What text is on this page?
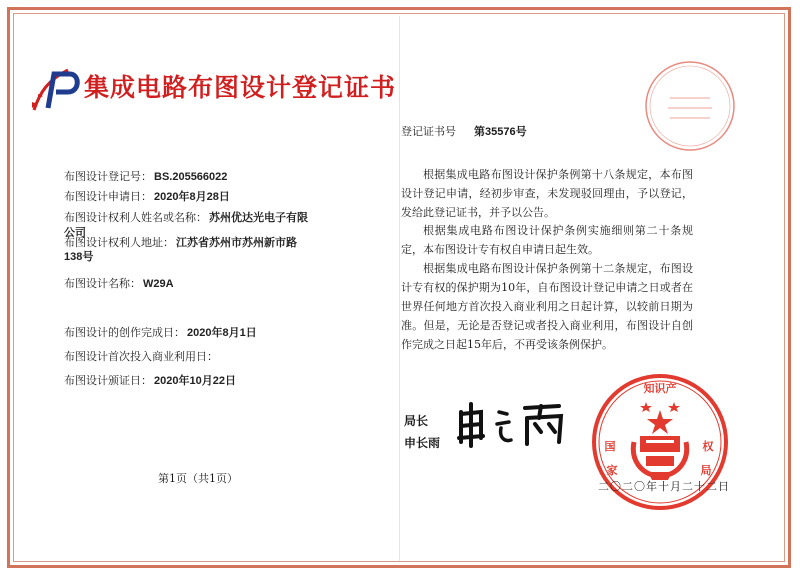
集成电路布图设计登记证书
布图设计登记号： BS.205566022
布图设计申请日： 2020年8月28日
布图设计权利人姓名或名称： 苏州优达光电子有限
公司
布图设计权利人地址： 江苏省苏州市苏州新市路
138号
布图设计名称： W29A
布图设计的创作完成日： 2020年8月1日
布图设计首次投入商业利用日：
布图设计颁证日： 2020年10月22日
第1页（共1页）
登记证书号 第35576号
根据集成电路布图设计保护条例第十八条规定，本布图设计登记申请，经初步审查，未发现驳回理由，予以登记，发给此登记证书，并予以公告。
根据集成电路布图设计保护条例实施细则第二十条规定，本布图设计专有权自申请日起生效。
根据集成电路布图设计保护条例第十二条规定，布图设计专有权的保护期为10年，自布图设计登记申请之日或者在世界任何地方首次投入商业利用之日起计算，以较前日期为准。但是，无论是否登记或者投入商业利用，布图设计自创作完成之日起15年后，不再受该条例保护。
局长
申长雨
知识产
国
家
权
局
二〇二〇年十月二十二日
